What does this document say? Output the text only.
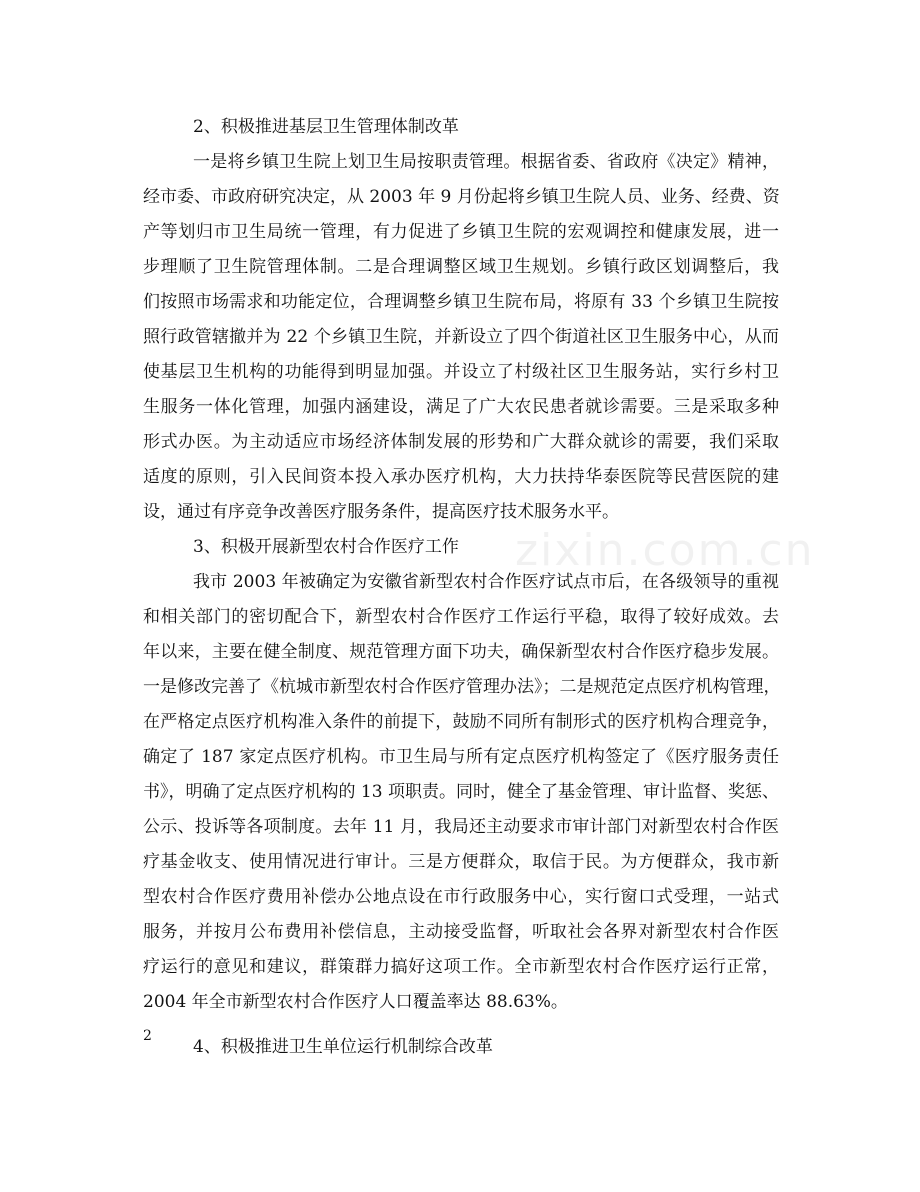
zixin.com.cn
2、积极推进基层卫生管理体制改革
一是将乡镇卫生院上划卫生局按职责管理。根据省委、省政府《决定》精神，
经市委、市政府研究决定，从 2003 年 9 月份起将乡镇卫生院人员、业务、经费、资
产等划归市卫生局统一管理，有力促进了乡镇卫生院的宏观调控和健康发展，进一
步理顺了卫生院管理体制。二是合理调整区域卫生规划。乡镇行政区划调整后，我
们按照市场需求和功能定位，合理调整乡镇卫生院布局，将原有 33 个乡镇卫生院按
照行政管辖撤并为 22 个乡镇卫生院，并新设立了四个街道社区卫生服务中心，从而
使基层卫生机构的功能得到明显加强。并设立了村级社区卫生服务站，实行乡村卫
生服务一体化管理，加强内涵建设，满足了广大农民患者就诊需要。三是采取多种
形式办医。为主动适应市场经济体制发展的形势和广大群众就诊的需要，我们采取
适度的原则，引入民间资本投入承办医疗机构，大力扶持华泰医院等民营医院的建
设，通过有序竞争改善医疗服务条件，提高医疗技术服务水平。
3、积极开展新型农村合作医疗工作
我市 2003 年被确定为安徽省新型农村合作医疗试点市后，在各级领导的重视
和相关部门的密切配合下，新型农村合作医疗工作运行平稳，取得了较好成效。去
年以来，主要在健全制度、规范管理方面下功夫，确保新型农村合作医疗稳步发展。
一是修改完善了《杭城市新型农村合作医疗管理办法》；二是规范定点医疗机构管理，
在严格定点医疗机构准入条件的前提下，鼓励不同所有制形式的医疗机构合理竞争，
确定了 187 家定点医疗机构。市卫生局与所有定点医疗机构签定了《医疗服务责任
书》，明确了定点医疗机构的 13 项职责。同时，健全了基金管理、审计监督、奖惩、
公示、投诉等各项制度。去年 11 月，我局还主动要求市审计部门对新型农村合作医
疗基金收支、使用情况进行审计。三是方便群众，取信于民。为方便群众，我市新
型农村合作医疗费用补偿办公地点设在市行政服务中心，实行窗口式受理，一站式
服务，并按月公布费用补偿信息，主动接受监督，听取社会各界对新型农村合作医
疗运行的意见和建议，群策群力搞好这项工作。全市新型农村合作医疗运行正常，
2004 年全市新型农村合作医疗人口覆盖率达 88.63%。
4、积极推进卫生单位运行机制综合改革
2
